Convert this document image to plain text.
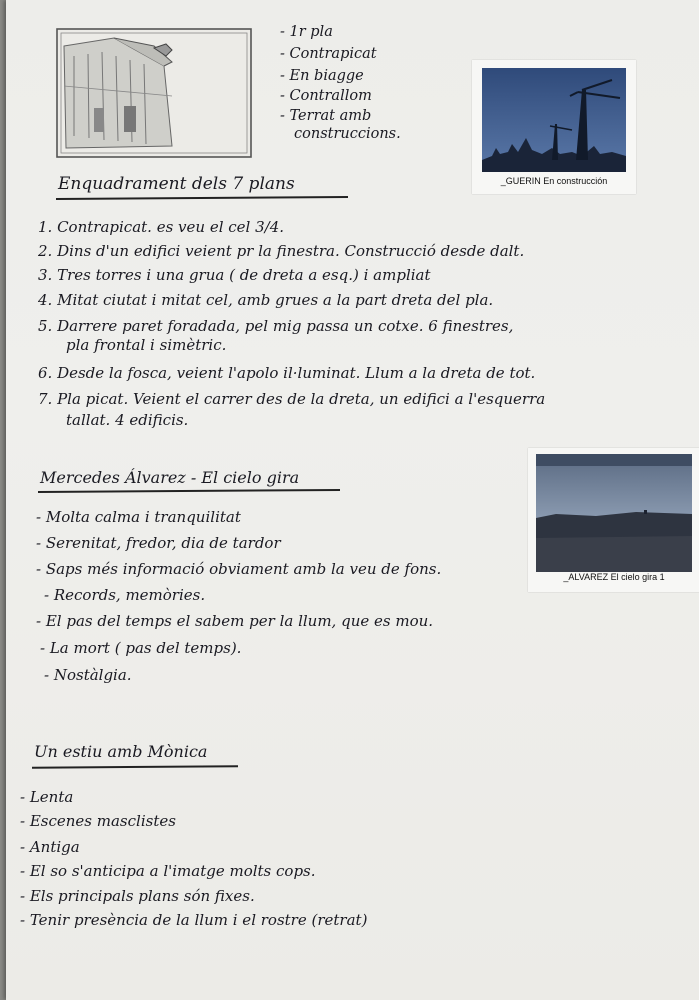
- 1r pla
- Contrapicat
- En biagge
- Contrallom
- Terrat amb
construccions.
_GUERIN En construcción
Enquadrament dels 7 plans
1. Contrapicat. es veu el cel 3/4.
2. Dins d'un edifici veient pr la finestra. Construcció desde dalt.
3. Tres torres i una grua ( de dreta a esq.) i ampliat
4. Mitat ciutat i mitat cel, amb grues a la part dreta del pla.
5. Darrere paret foradada, pel mig passa un cotxe. 6 finestres,
pla frontal i simètric.
6. Desde la fosca, veient l'apolo il·luminat. Llum a la dreta de tot.
7. Pla picat. Veient el carrer des de la dreta, un edifici a l'esquerra
tallat. 4 edificis.
_ALVAREZ El cielo gira 1
Mercedes Álvarez - El cielo gira
- Molta calma i tranquilitat
- Serenitat, fredor, dia de tardor
- Saps més informació obviament amb la veu de fons.
- Records, memòries.
- El pas del temps el sabem per la llum, que es mou.
- La mort ( pas del temps).
- Nostàlgia.
Un estiu amb Mònica
- Lenta
- Escenes masclistes
- Antiga
- El so s'anticipa a l'imatge molts cops.
- Els principals plans són fixes.
- Tenir presència de la llum i el rostre (retrat)
